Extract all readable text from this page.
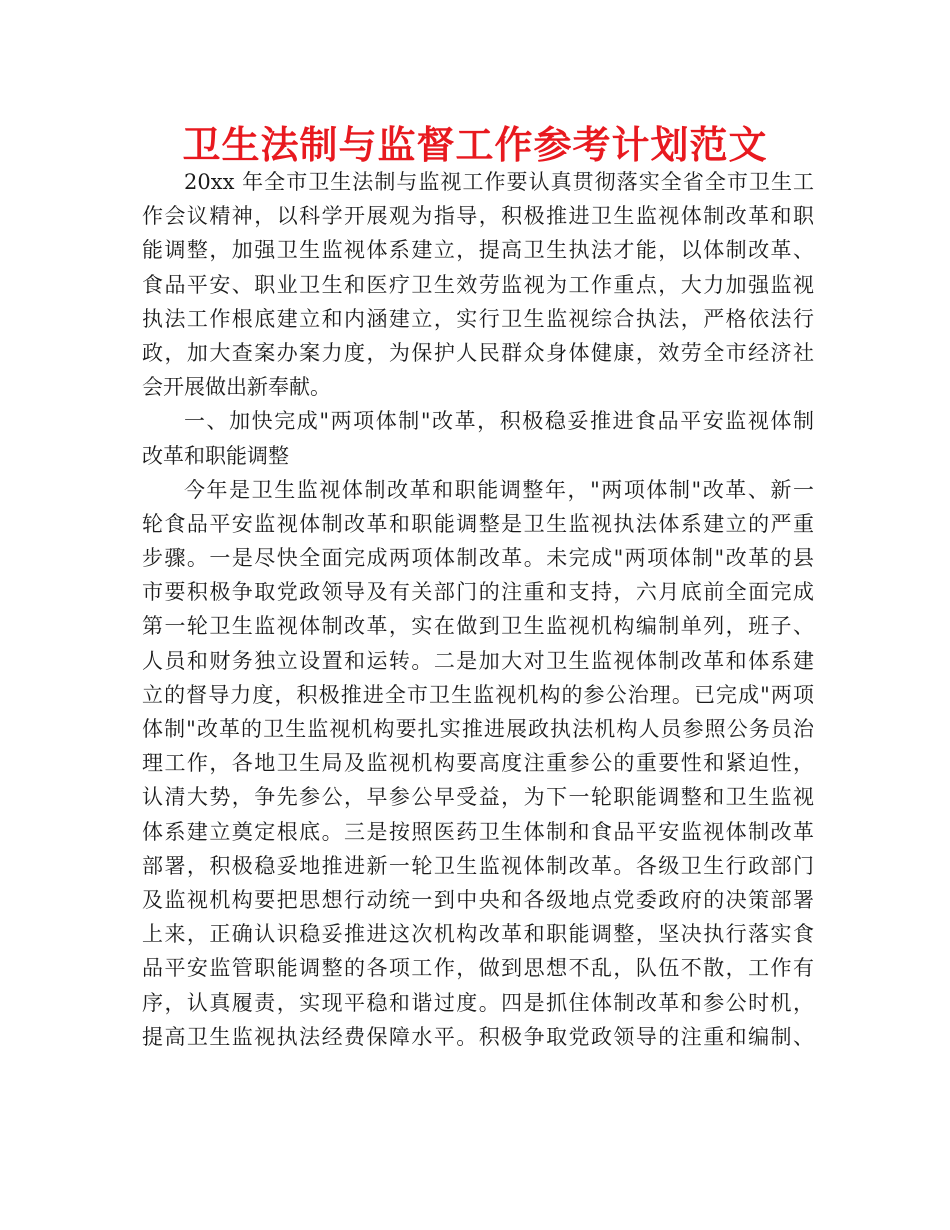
卫生法制与监督工作参考计划范文
20xx 年全市卫生法制与监视工作要认真贯彻落实全省全市卫生工
作会议精神，以科学开展观为指导，积极推进卫生监视体制改革和职
能调整，加强卫生监视体系建立，提高卫生执法才能，以体制改革、
食品平安、职业卫生和医疗卫生效劳监视为工作重点，大力加强监视
执法工作根底建立和内涵建立，实行卫生监视综合执法，严格依法行
政，加大查案办案力度，为保护人民群众身体健康，效劳全市经济社
会开展做出新奉献。
一、加快完成"两项体制"改革，积极稳妥推进食品平安监视体制
改革和职能调整
今年是卫生监视体制改革和职能调整年，"两项体制"改革、新一
轮食品平安监视体制改革和职能调整是卫生监视执法体系建立的严重
步骤。一是尽快全面完成两项体制改革。未完成"两项体制"改革的县
市要积极争取党政领导及有关部门的注重和支持，六月底前全面完成
第一轮卫生监视体制改革，实在做到卫生监视机构编制单列，班子、
人员和财务独立设置和运转。二是加大对卫生监视体制改革和体系建
立的督导力度，积极推进全市卫生监视机构的参公治理。已完成"两项
体制"改革的卫生监视机构要扎实推进展政执法机构人员参照公务员治
理工作，各地卫生局及监视机构要高度注重参公的重要性和紧迫性，
认清大势，争先参公，早参公早受益，为下一轮职能调整和卫生监视
体系建立奠定根底。三是按照医药卫生体制和食品平安监视体制改革
部署，积极稳妥地推进新一轮卫生监视体制改革。各级卫生行政部门
及监视机构要把思想行动统一到中央和各级地点党委政府的决策部署
上来，正确认识稳妥推进这次机构改革和职能调整，坚决执行落实食
品平安监管职能调整的各项工作，做到思想不乱，队伍不散，工作有
序，认真履责，实现平稳和谐过度。四是抓住体制改革和参公时机，
提高卫生监视执法经费保障水平。积极争取党政领导的注重和编制、
